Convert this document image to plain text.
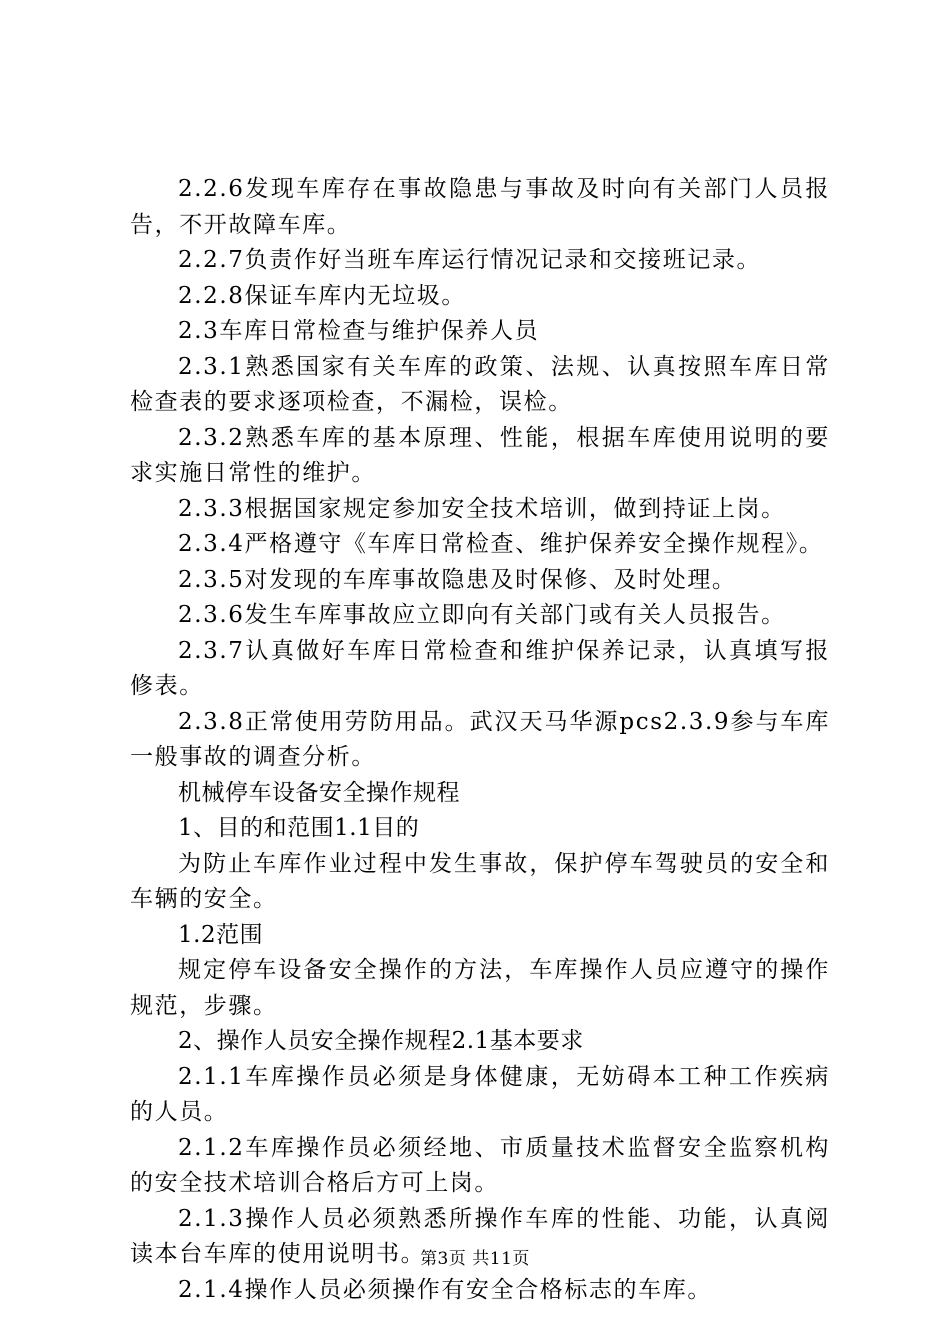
2.2.6发现车库存在事故隐患与事故及时向有关部门人员报告，不开故障车库。

2.2.7负责作好当班车库运行情况记录和交接班记录。

2.2.8保证车库内无垃圾。

2.3车库日常检查与维护保养人员

2.3.1熟悉国家有关车库的政策、法规、认真按照车库日常检查表的要求逐项检查，不漏检，误检。

2.3.2熟悉车库的基本原理、性能，根据车库使用说明的要求实施日常性的维护。

2.3.3根据国家规定参加安全技术培训，做到持证上岗。

2.3.4严格遵守《车库日常检查、维护保养安全操作规程》。

2.3.5对发现的车库事故隐患及时保修、及时处理。

2.3.6发生车库事故应立即向有关部门或有关人员报告。

2.3.7认真做好车库日常检查和维护保养记录，认真填写报修表。

2.3.8正常使用劳防用品。武汉天马华源pcs2.3.9参与车库一般事故的调查分析。

机械停车设备安全操作规程

1、目的和范围1.1目的

为防止车库作业过程中发生事故，保护停车驾驶员的安全和车辆的安全。

1.2范围

规定停车设备安全操作的方法，车库操作人员应遵守的操作规范，步骤。

2、操作人员安全操作规程2.1基本要求

2.1.1车库操作员必须是身体健康，无妨碍本工种工作疾病的人员。

2.1.2车库操作员必须经地、市质量技术监督安全监察机构的安全技术培训合格后方可上岗。

2.1.3操作人员必须熟悉所操作车库的性能、功能，认真阅读本台车库的使用说明书。

2.1.4操作人员必须操作有安全合格标志的车库。

第3页 共11页
